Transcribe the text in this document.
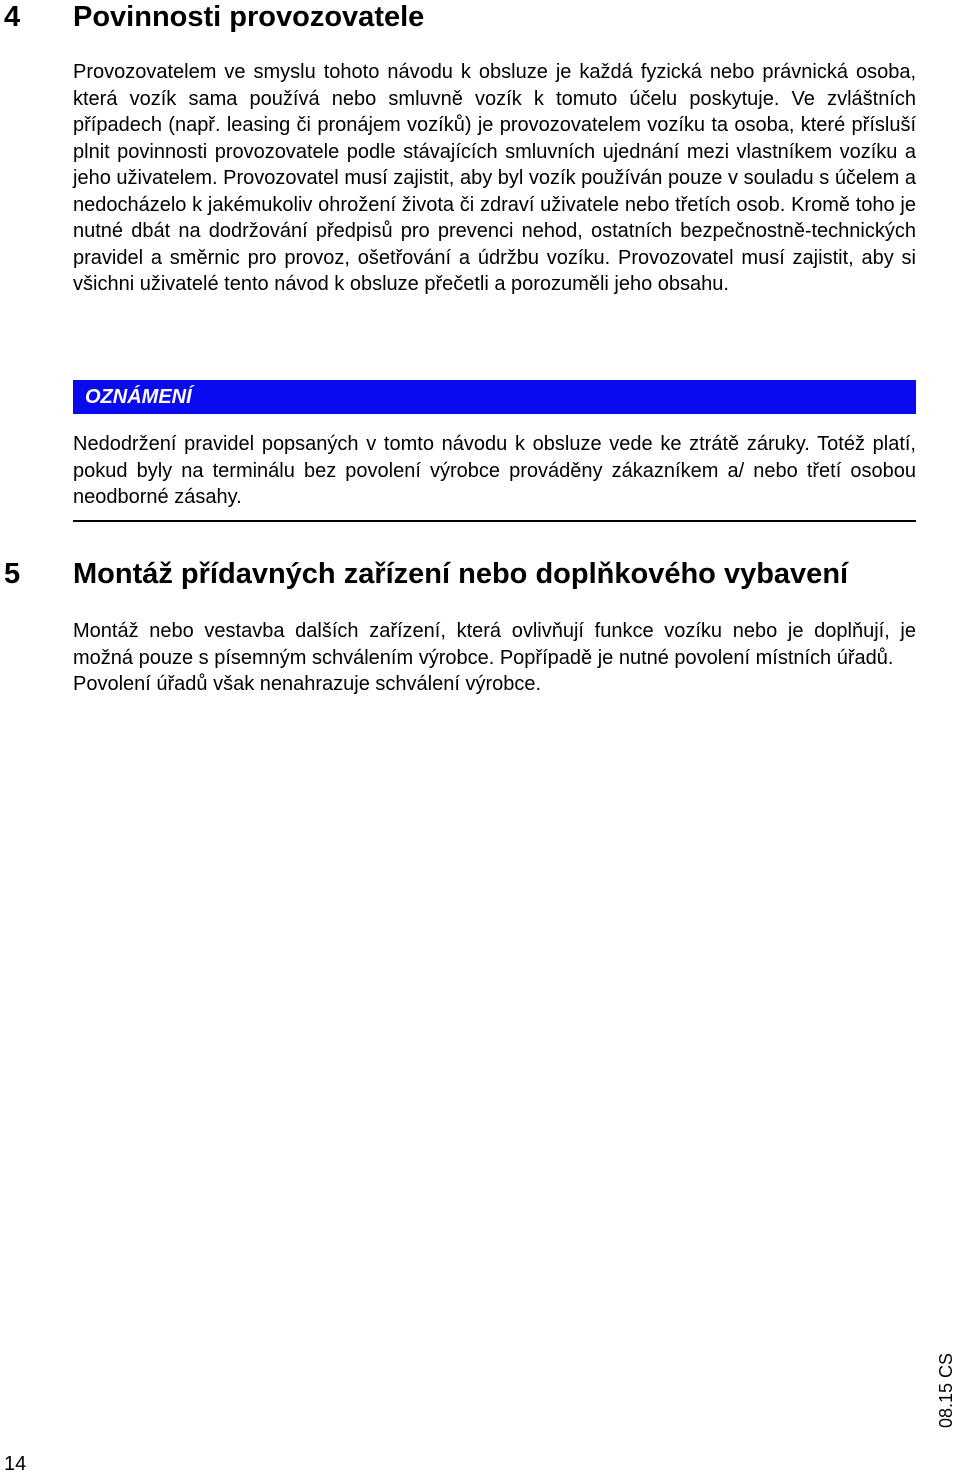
4 Povinnosti provozovatele

Provozovatelem ve smyslu tohoto návodu k obsluze je každá fyzická nebo právnická osoba, která vozík sama používá nebo smluvně vozík k tomuto účelu poskytuje. Ve zvláštních případech (např. leasing či pronájem vozíků) je provozovatelem vozíku ta osoba, které přísluší plnit povinnosti provozovatele podle stávajících smluvních ujednání mezi vlastníkem vozíku a jeho uživatelem. Provozovatel musí zajistit, aby byl vozík používán pouze v souladu s účelem a nedocházelo k jakémukoliv ohrožení života či zdraví uživatele nebo třetích osob. Kromě toho je nutné dbát na dodržování předpisů pro prevenci nehod, ostatních bezpečnostně-technických pravidel a směrnic pro provoz, ošetřování a údržbu vozíku. Provozovatel musí zajistit, aby si všichni uživatelé tento návod k obsluze přečetli a porozuměli jeho obsahu.

OZNÁMENÍ

Nedodržení pravidel popsaných v tomto návodu k obsluze vede ke ztrátě záruky. Totéž platí, pokud byly na terminálu bez povolení výrobce prováděny zákazníkem a/ nebo třetí osobou neodborné zásahy.

5 Montáž přídavných zařízení nebo doplňkového vybavení

Montáž nebo vestavba dalších zařízení, která ovlivňují funkce vozíku nebo je doplňují, je možná pouze s písemným schválením výrobce. Popřípadě je nutné povolení místních úřadů.

Povolení úřadů však nenahrazuje schválení výrobce.

08.15 CS
14
